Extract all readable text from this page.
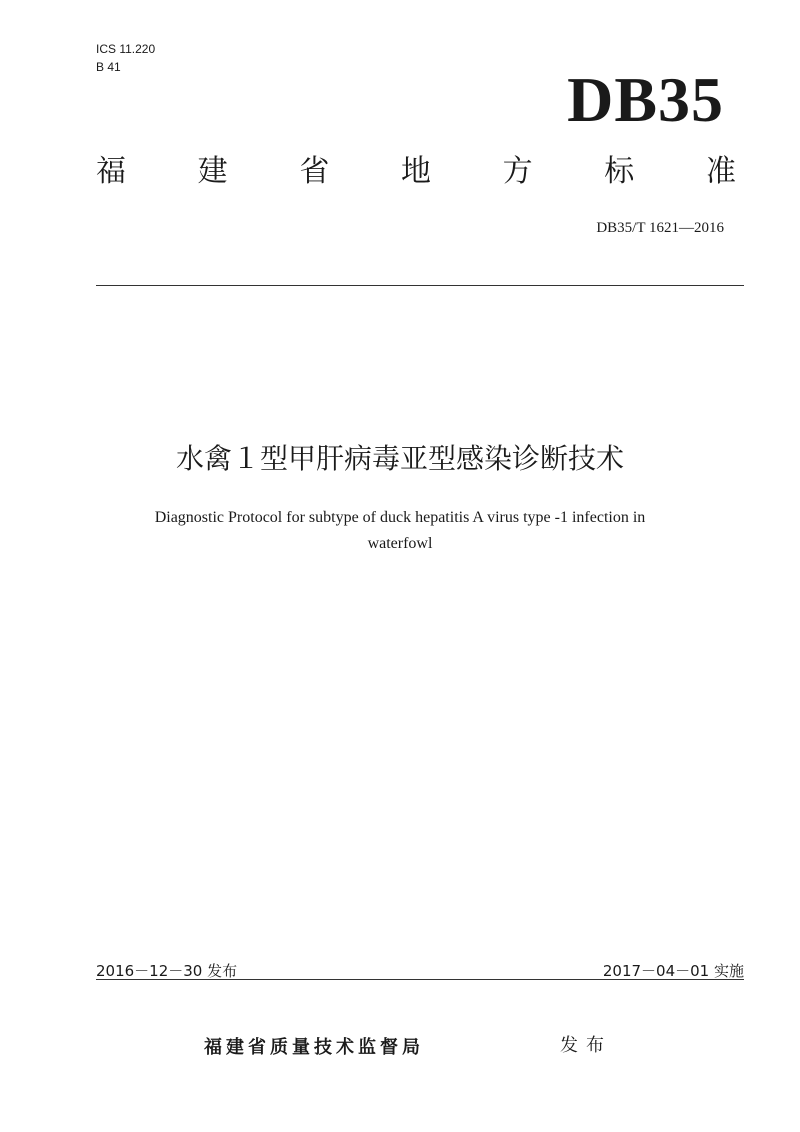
ICS 11.220
B 41	DB35
福 建 省 地 方 标 准
DB35/T 1621—2016
水禽１型甲肝病毒亚型感染诊断技术
Diagnostic Protocol for subtype of duck hepatitis A virus type -1 infection in
waterfowl
2016－12－30 发布	2017－04－01 实施
福建省质量技术监督局	发布
